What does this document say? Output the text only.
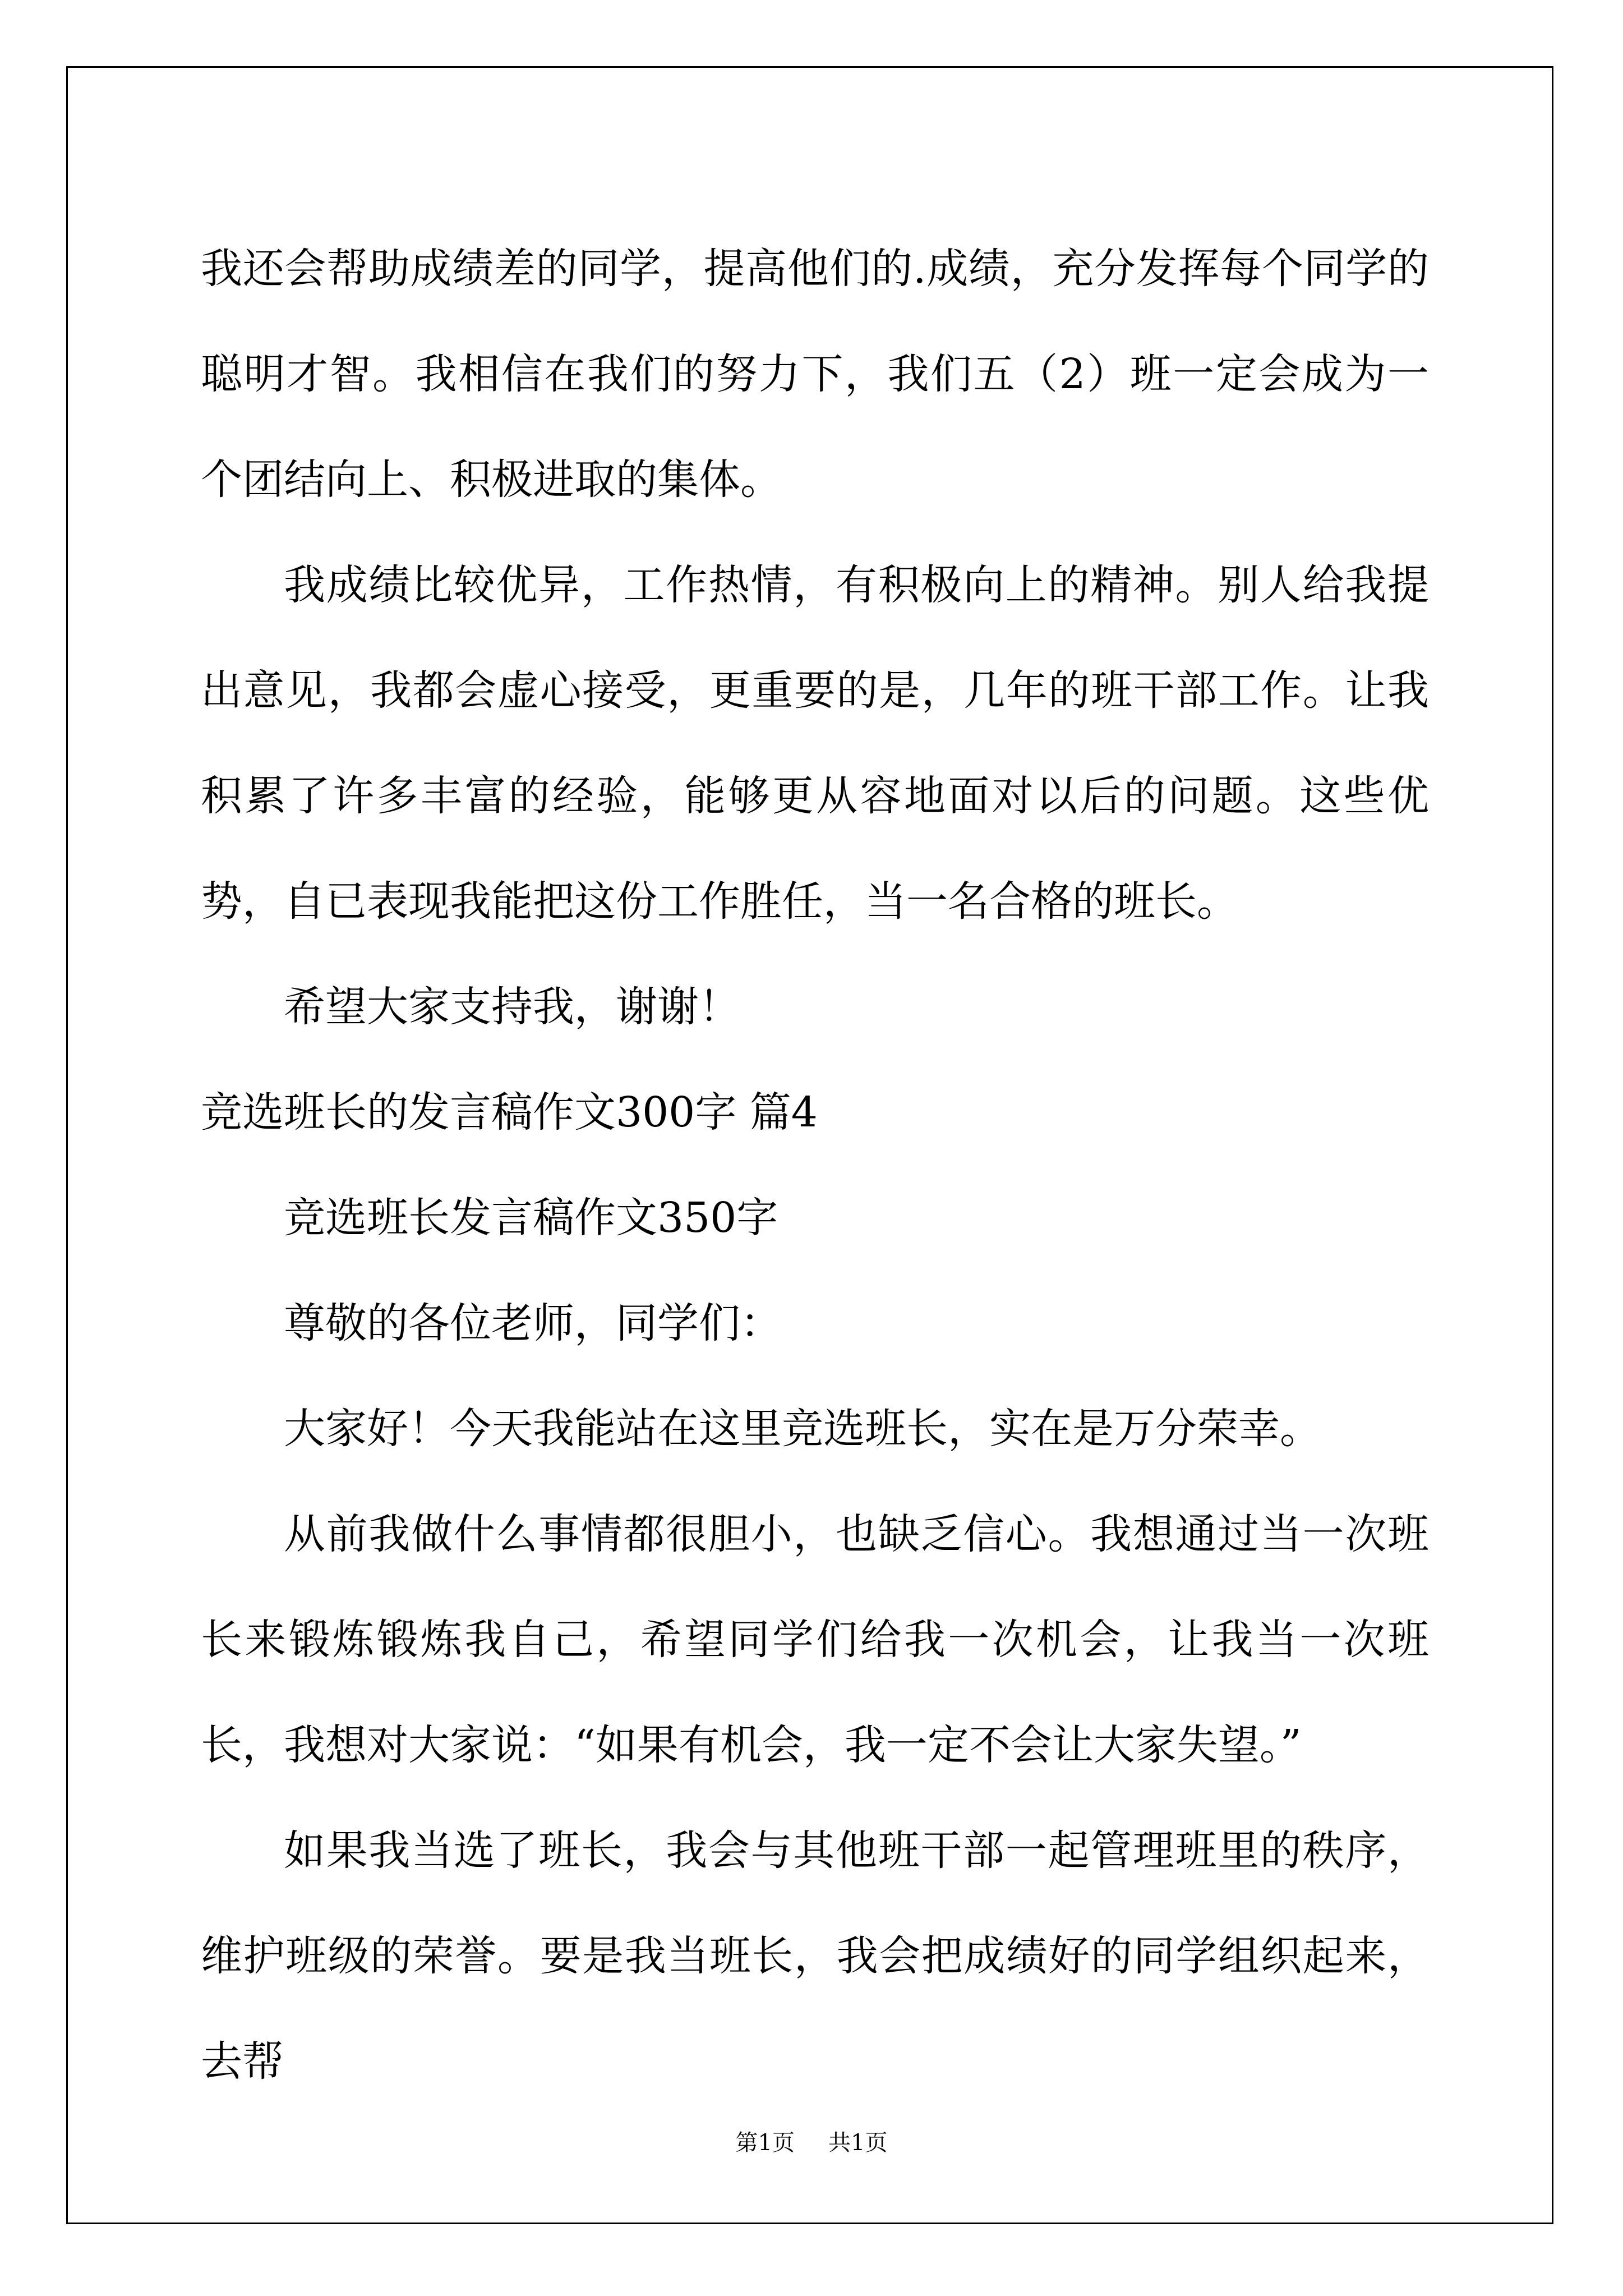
我还会帮助成绩差的同学，提高他们的.成绩，充分发挥每个同学的聪明才智。我相信在我们的努力下，我们五（2）班一定会成为一个团结向上、积极进取的集体。

我成绩比较优异，工作热情，有积极向上的精神。别人给我提出意见，我都会虚心接受，更重要的是，几年的班干部工作。让我积累了许多丰富的经验，能够更从容地面对以后的问题。这些优势，自已表现我能把这份工作胜任，当一名合格的班长。

希望大家支持我，谢谢！

竞选班长的发言稿作文300字 篇4

竞选班长发言稿作文350字

尊敬的各位老师，同学们：

大家好！今天我能站在这里竞选班长，实在是万分荣幸。

从前我做什么事情都很胆小，也缺乏信心。我想通过当一次班长来锻炼锻炼我自己，希望同学们给我一次机会，让我当一次班长，我想对大家说：“如果有机会，我一定不会让大家失望。”

如果我当选了班长，我会与其他班干部一起管理班里的秩序，维护班级的荣誉。要是我当班长，我会把成绩好的同学组织起来，去帮

第1页 共1页
